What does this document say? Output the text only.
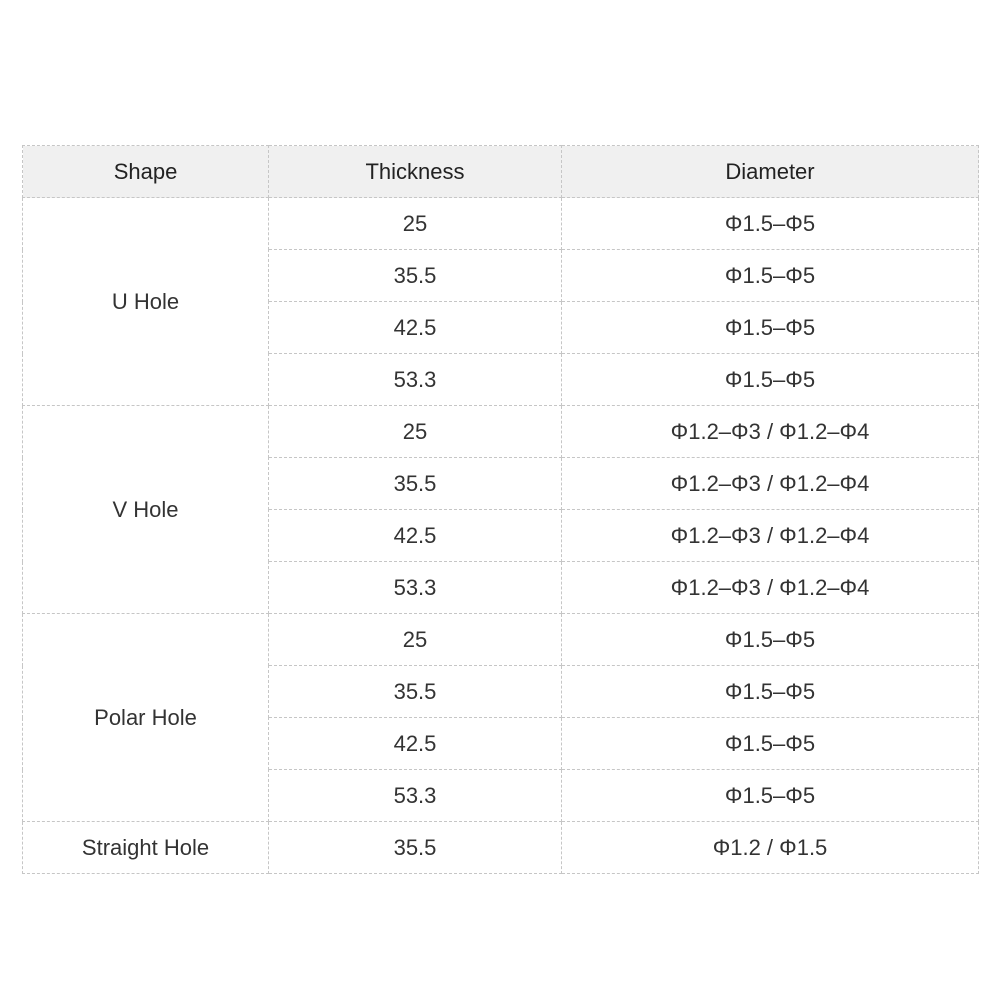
Shape	Thickness	Diameter
U Hole	25	Φ1.5–Φ5
	35.5	Φ1.5–Φ5
	42.5	Φ1.5–Φ5
	53.3	Φ1.5–Φ5
V Hole	25	Φ1.2–Φ3 / Φ1.2–Φ4
	35.5	Φ1.2–Φ3 / Φ1.2–Φ4
	42.5	Φ1.2–Φ3 / Φ1.2–Φ4
	53.3	Φ1.2–Φ3 / Φ1.2–Φ4
Polar Hole	25	Φ1.5–Φ5
	35.5	Φ1.5–Φ5
	42.5	Φ1.5–Φ5
	53.3	Φ1.5–Φ5
Straight Hole	35.5	Φ1.2 / Φ1.5
